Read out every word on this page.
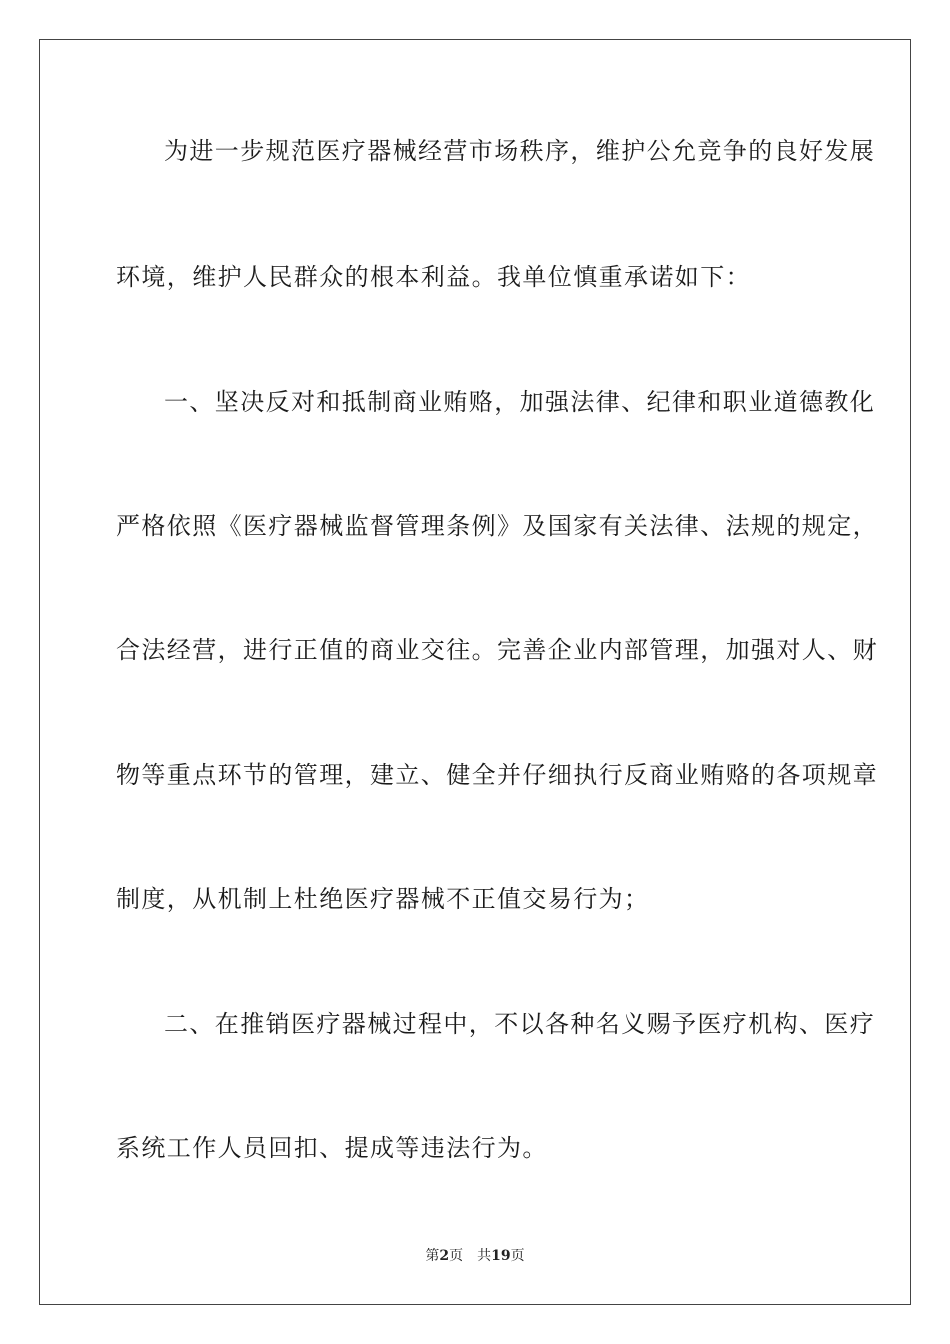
为进一步规范医疗器械经营市场秩序，维护公允竞争的良好发展
环境，维护人民群众的根本利益。我单位慎重承诺如下：
一、坚决反对和抵制商业贿赂，加强法律、纪律和职业道德教化
严格依照《医疗器械监督管理条例》及国家有关法律、法规的规定，
合法经营，进行正值的商业交往。完善企业内部管理，加强对人、财
物等重点环节的管理，建立、健全并仔细执行反商业贿赂的各项规章
制度，从机制上杜绝医疗器械不正值交易行为；
二、在推销医疗器械过程中，不以各种名义赐予医疗机构、医疗
系统工作人员回扣、提成等违法行为。
第2页 共19页
